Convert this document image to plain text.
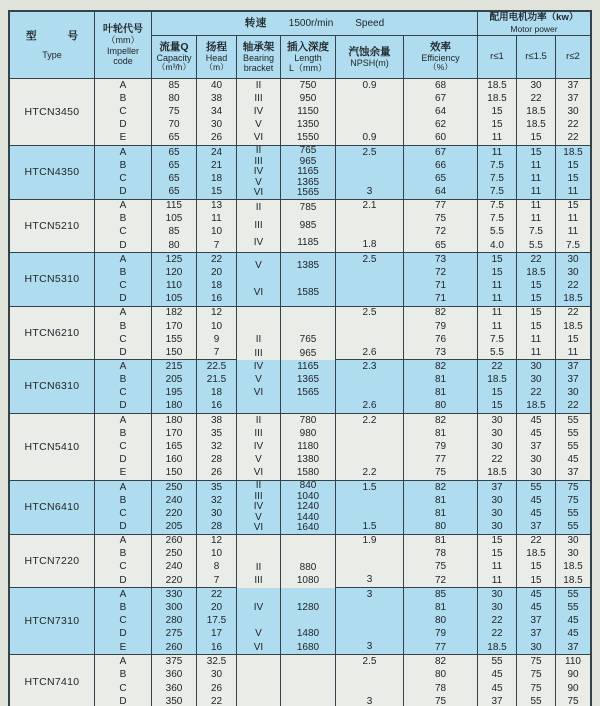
型 号
Type
叶轮代号
（mm）
Impeller
code
转速 1500r/min Speed
配用电机功率（kw）
Motor power
流量Q
Capacity
（m³/h）
扬程
Head
（m）
轴承架
Bearing
bracket
插入深度
Length
L（mm）
汽蚀余量
NPSH(m)
效率
Efficiency
（%）
r≤1 r≤1.5 r≤2
HTCN3450
A
B
C
D
E
85
80
75
70
65
40
38
34
30
26
II
III
IV
V
VI
750
950
1150
1350
1550
0.9
0.9
68
67
64
62
60
18.5
18.5
15
15
11
30
22
18.5
18.5
15
37
37
30
22
22
HTCN4350
A
B
C
D
65
65
65
65
24
21
18
15
II
III
IV
V
VI
765
965
1165
1365
1565
2.5
3
67
66
65
64
11
7.5
7.5
7.5
15
11
11
11
18.5
15
15
11
HTCN5210
A
B
C
D
115
105
85
80
13
11
10
7
II
III
IV
785
985
1185
2.1
1.8
77
75
72
65
7.5
7.5
5.5
4.0
11
11
7.5
5.5
15
11
11
7.5
HTCN5310
A
B
C
D
125
120
110
105
22
20
18
16
V
VI
1385
1585
2.5	73
72
71
71
15
15
11
11
22
18.5
15
15
30
30
22
18.5
HTCN6210
A
B
C
D
182
170
155
150
12
10
9
7
II
III
765
965
2.5
2.6
82
79
76
73
11
11
7.5
5.5
15
15
11
11
22
18.5
15
11
HTCN6310
A
B
C
D
215
205
195
180
22.5
21.5
18
16
IV
V
VI
1165
1365
1565
2.3
2.6
82
81
81
80
22
18.5
15
15
30
30
22
18.5
37
37
30
22
HTCN5410
A
B
C
D
E
180
170
165
160
150
38
35
32
28
26
II
III
IV
V
VI
780
980
1180
1380
1580
2.2
2.2
82
81
79
77
75
30
30
30
22
18.5
45
45
37
30
30
55
55
55
45
37
HTCN6410
A
B
C
D
250
240
220
205
35
32
30
28
II
III
IV
V
VI
840
1040
1240
1440
1640
1.5
1.5
82
81
81
80
37
30
30
30
55
45
45
37
75
75
55
55
HTCN7220
A
B
C
D
260
250
240
220
12
10
8
7
II
III
880
1080
1.9
3
81
78
75
72
15
15
11
11
22
18.5
15
15
30
30
18.5
18.5
HTCN7310
A
B
C
D
E
330
300
280
275
260
22
20
17.5
17
16
IV
V
VI
1280
1480
1680
3
3
85
81
80
79
77
30
30
22
22
18.5
45
45
37
37
30
55
55
45
45
37
HTCN7410
A
B
C
D
375
360
360
350
32.5
30
26
22
2.5
3
82
80
78
75
55
45
45
37
75
75
75
55
110
90
90
75
